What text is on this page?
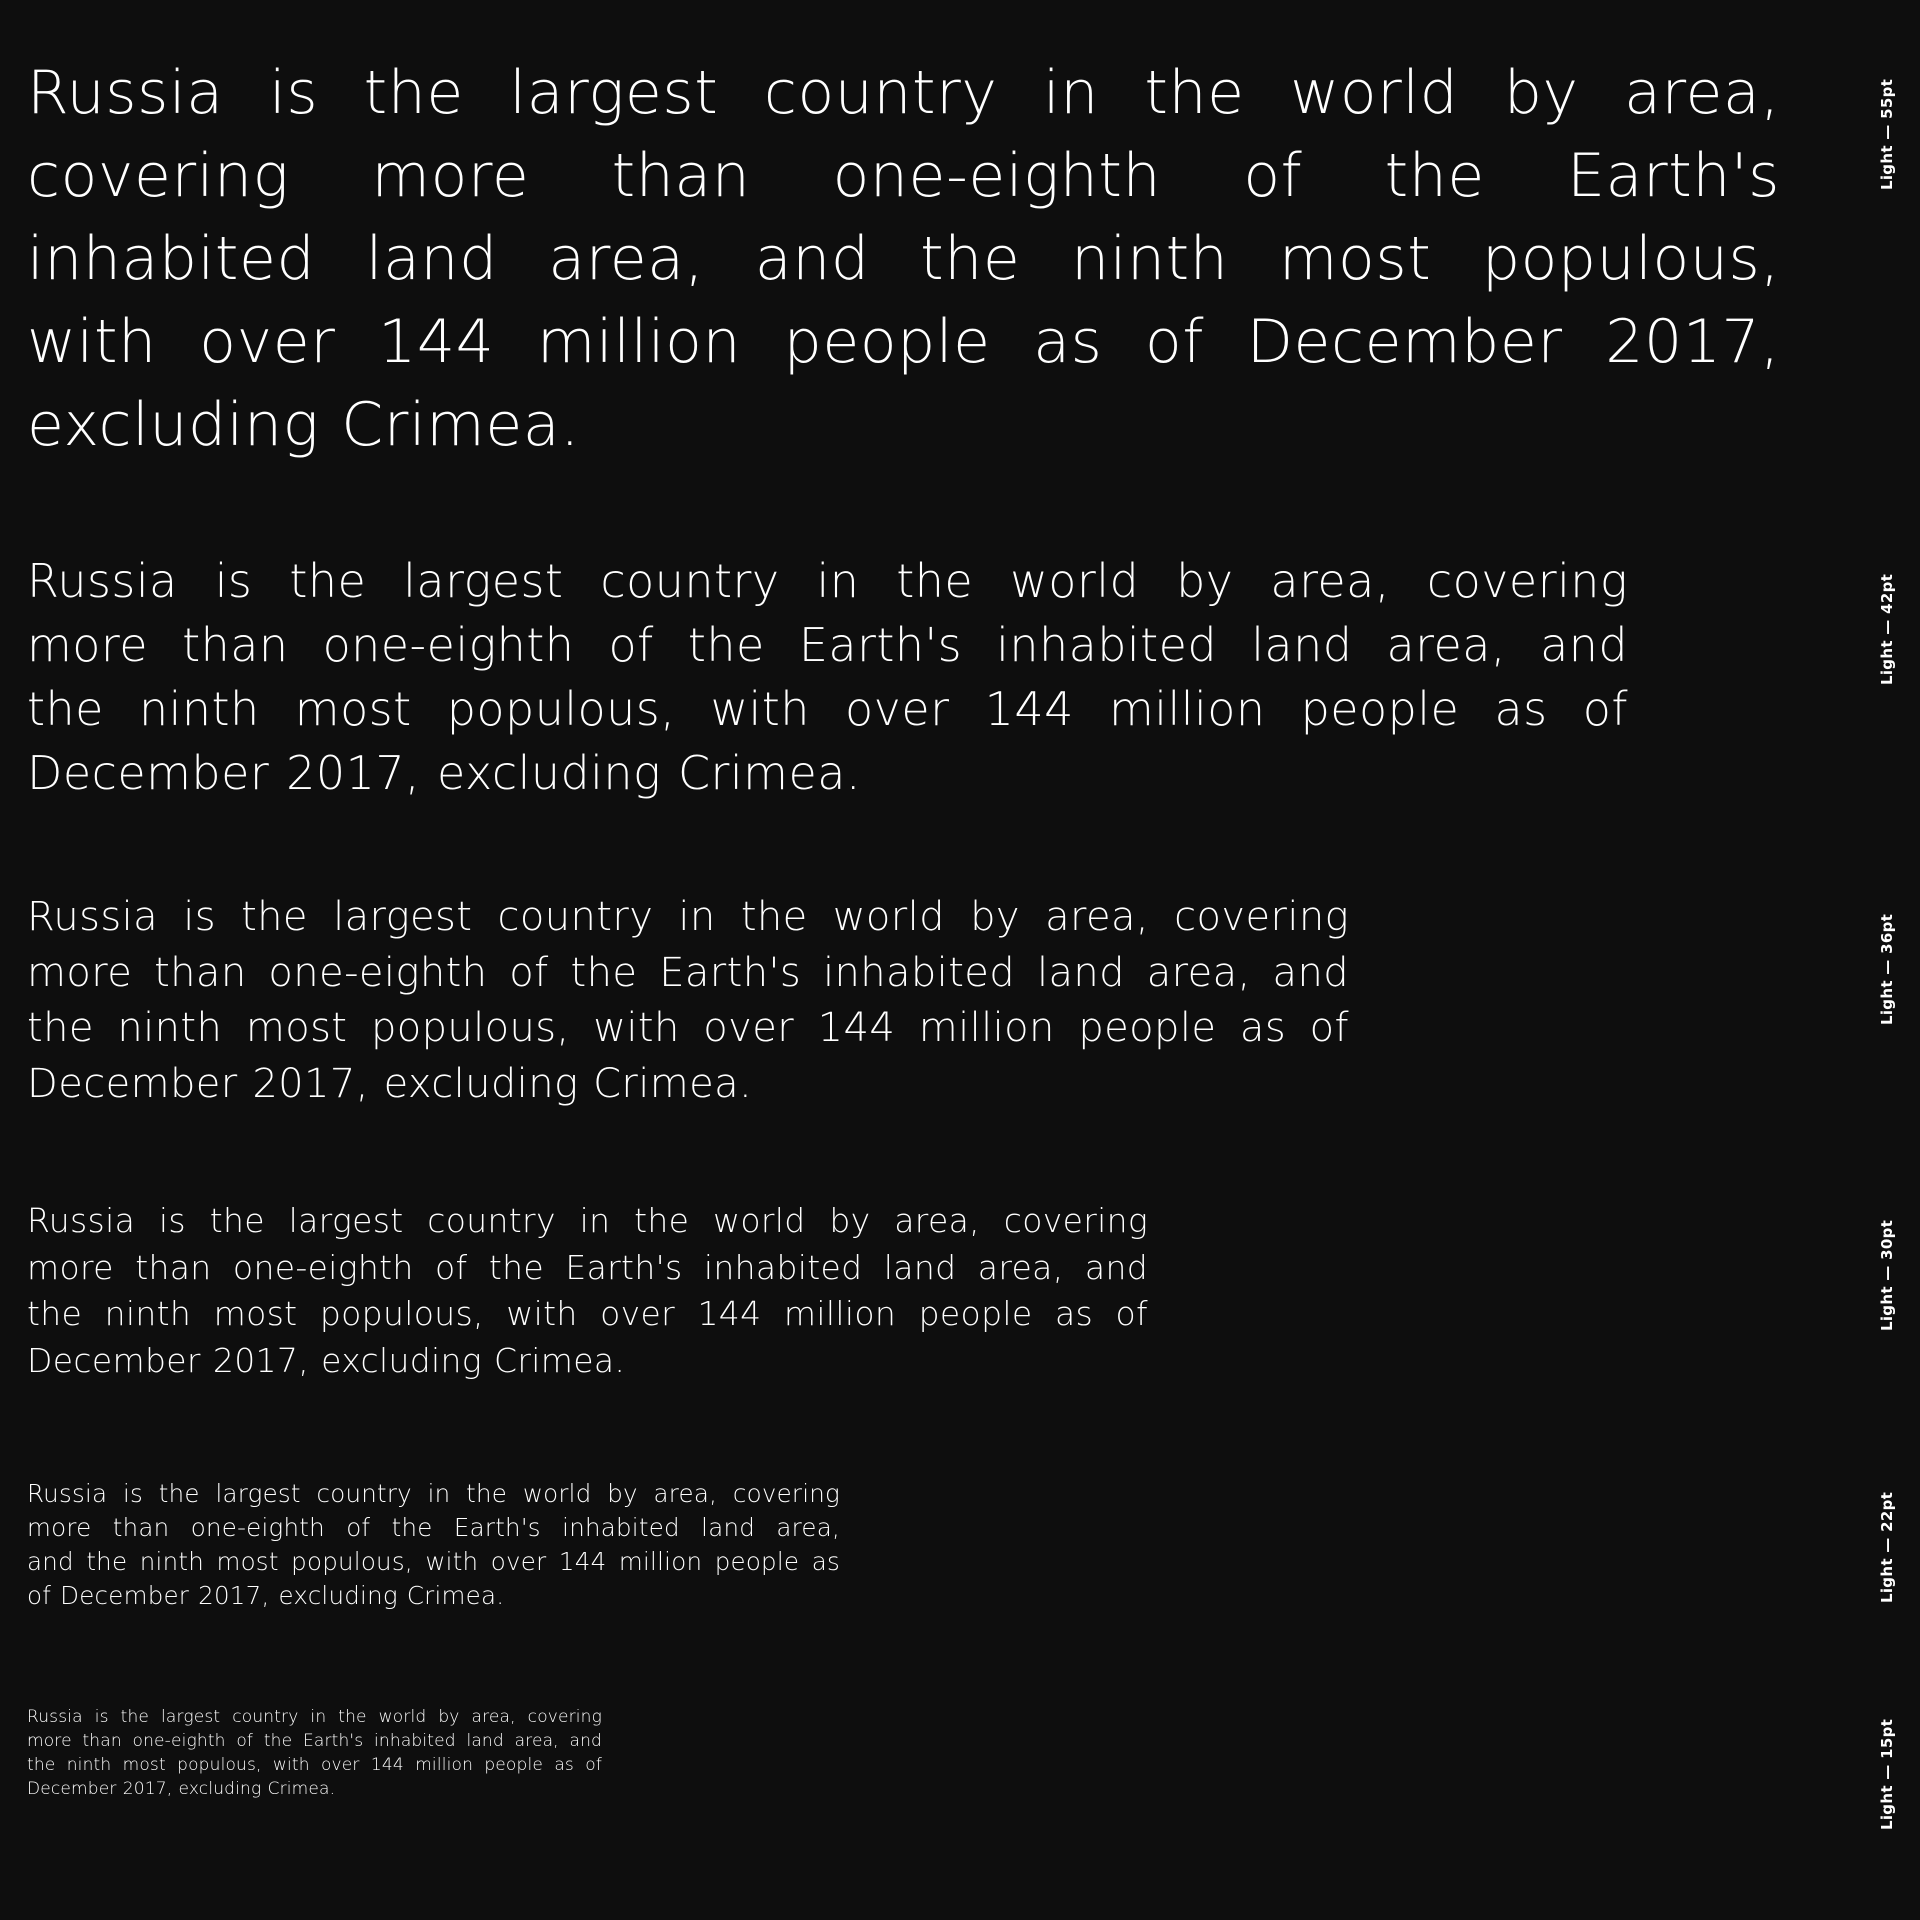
Russia is the largest country in the world by area,
covering more than one-eighth of the Earth's
inhabited land area, and the ninth most populous,
with over 144 million people as of December 2017,
excluding Crimea.

Light — 55pt

Russia is the largest country in the world by area, covering
more than one-eighth of the Earth's inhabited land area, and
the ninth most populous, with over 144 million people as of
December 2017, excluding Crimea.

Light — 42pt

Russia is the largest country in the world by area, covering
more than one-eighth of the Earth's inhabited land area, and
the ninth most populous, with over 144 million people as of
December 2017, excluding Crimea.

Light — 36pt

Russia is the largest country in the world by area, covering
more than one-eighth of the Earth's inhabited land area, and
the ninth most populous, with over 144 million people as of
December 2017, excluding Crimea.

Light — 30pt

Russia is the largest country in the world by area, covering
more than one-eighth of the Earth's inhabited land area,
and the ninth most populous, with over 144 million people as
of December 2017, excluding Crimea.	Light — 22pt

Russia is the largest country in the world by area, covering
more than one-eighth of the Earth's inhabited land area, and
the ninth most populous, with over 144 million people as of
December 2017, excluding Crimea.	Light — 15pt
